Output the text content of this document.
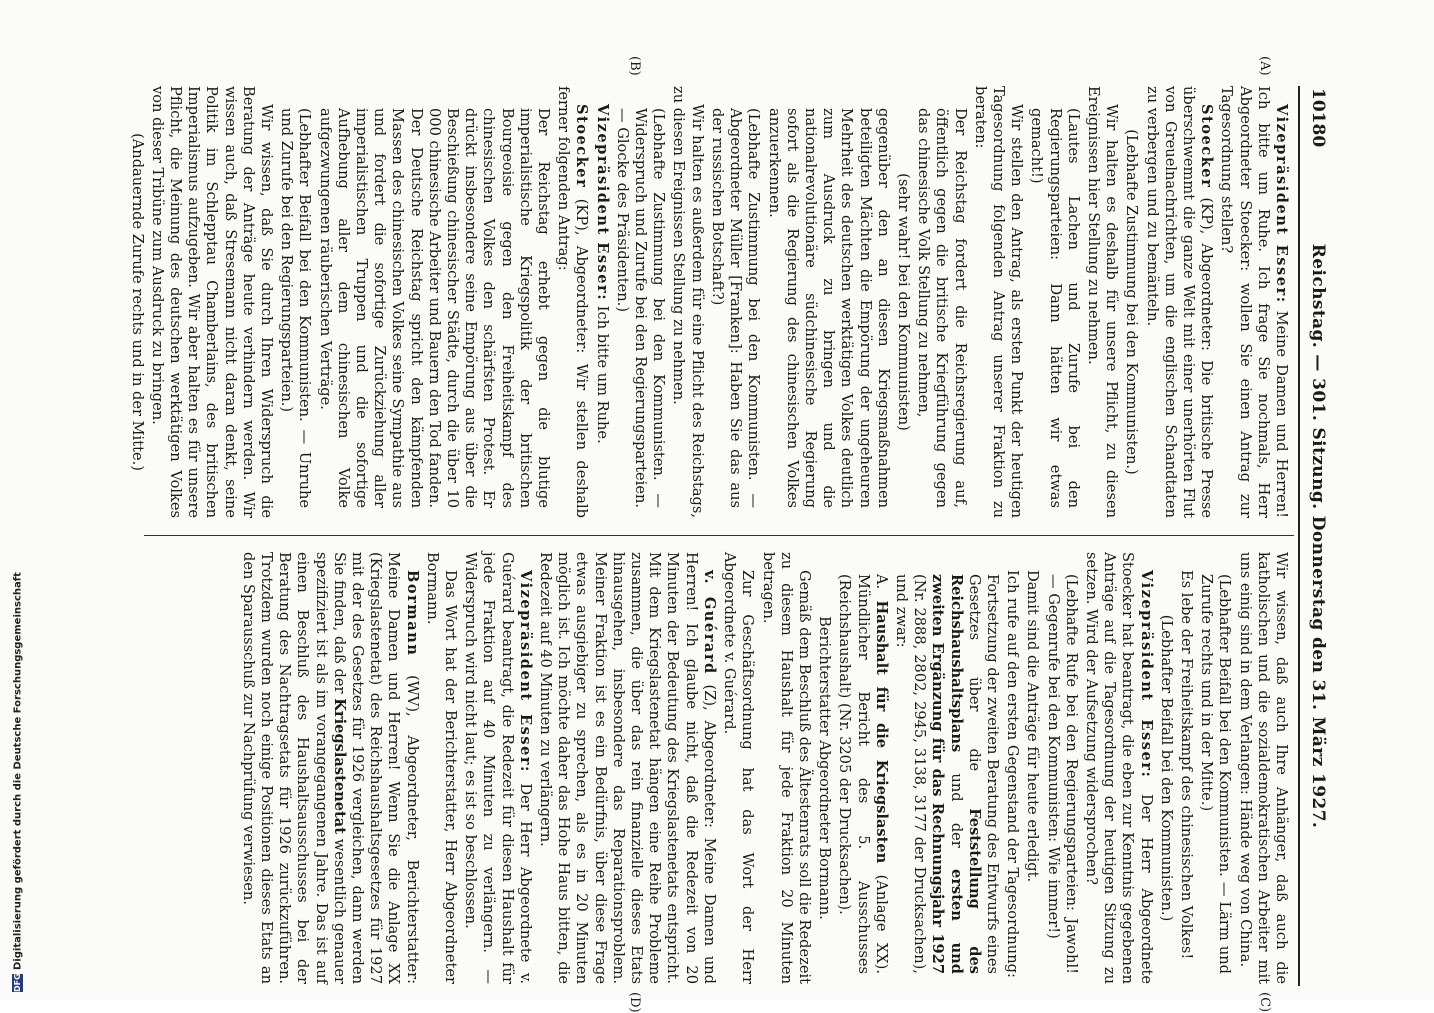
10180
Reichstag. — 301. Sitzung. Donnerstag den 31. März 1927.
(A)
(B)
(C)
(D)

Vizepräsident Esser: Meine Damen und Herren! Ich bitte um Ruhe. Ich frage Sie nochmals, Herr Abgeordneter Stoecker: wollen Sie einen Antrag zur Tagesordnung stellen?

Stoecker (KP), Abgeordneter: Die britische Presse überschwemmt die ganze Welt mit einer unerhörten Flut von Greuelnachrichten, um die englischen Schandtaten zu verbergen und zu bemänteln.

(Lebhafte Zustimmung bei den Kommunisten.)

Wir halten es deshalb für unsere Pflicht, zu diesen Ereignissen hier Stellung zu nehmen.

(Lautes Lachen und Zurufe bei den Regierungsparteien: Dann hätten wir etwas gemacht!)

Wir stellen den Antrag, als ersten Punkt der heutigen Tagesordnung folgenden Antrag unserer Fraktion zu beraten:

Der Reichstag fordert die Reichsregierung auf, öffentlich gegen die britische Kriegführung gegen das chinesische Volk Stellung zu nehmen,

(sehr wahr! bei den Kommunisten)

gegenüber den an diesen Kriegsmaßnahmen beteiligten Mächten die Empörung der ungeheuren Mehrheit des deutschen werktätigen Volkes deutlich zum Ausdruck zu bringen und die nationalrevolutionäre südchinesische Regierung sofort als die Regierung des chinesischen Volkes anzuerkennen.

(Lebhafte Zustimmung bei den Kommunisten. — Abgeordneter Müller [Franken]: Haben Sie das aus der russischen Botschaft?)

Wir halten es außerdem für eine Pflicht des Reichstags, zu diesen Ereignissen Stellung zu nehmen.

(Lebhafte Zustimmung bei den Kommunisten. — Widerspruch und Zurufe bei den Regierungsparteien. — Glocke des Präsidenten.)

Vizepräsident Esser: Ich bitte um Ruhe.

Stoecker (KP), Abgeordneter: Wir stellen deshalb ferner folgenden Antrag:

Der Reichstag erhebt gegen die blutige imperialistische Kriegspolitik der britischen Bourgeoisie gegen den Freiheitskampf des chinesischen Volkes den schärfsten Protest. Er drückt insbesondere seine Empörung aus über die Beschießung chinesischer Städte, durch die über 10 000 chinesische Arbeiter und Bauern den Tod fanden. Der Deutsche Reichstag spricht den kämpfenden Massen des chinesischen Volkes seine Sympathie aus und fordert die sofortige Zurückziehung aller imperialistischen Truppen und die sofortige Aufhebung aller dem chinesischen Volke aufgezwungenen räuberischen Verträge.

(Lebhafter Beifall bei den Kommunisten. — Unruhe und Zurufe bei den Regierungsparteien.)

Wir wissen, daß Sie durch Ihren Widerspruch die Beratung der Anträge heute verhindern werden. Wir wissen auch, daß Stresemann nicht daran denkt, seine Politik im Schlepptau Chamberlains, des britischen Imperialismus aufzugeben. Wir aber halten es für unsere Pflicht, die Meinung des deutschen werktätigen Volkes von dieser Tribüne zum Ausdruck zu bringen.

(Andauernde Zurufe rechts und in der Mitte.)

Wir wissen, daß auch Ihre Anhänger, daß auch die katholischen und die sozialdemokratischen Arbeiter mit uns einig sind in dem Verlangen: Hände weg von China.

(Lebhafter Beifall bei den Kommunisten. — Lärm und Zurufe rechts und in der Mitte.)

Es lebe der Freiheitskampf des chinesischen Volkes!

(Lebhafter Beifall bei den Kommunisten.)

Vizepräsident Esser: Der Herr Abgeordnete Stoecker hat beantragt, die eben zur Kenntnis gegebenen Anträge auf die Tagesordnung der heutigen Sitzung zu setzen. Wird der Aufsetzung widersprochen?

(Lebhafte Rufe bei den Regierungsparteien: Jawohl! — Gegenrufe bei den Kommunisten: Wie immer!)

Damit sind die Anträge für heute erledigt.

Ich rufe auf den ersten Gegenstand der Tagesordnung:

Fortsetzung der zweiten Beratung des Entwurfs eines Gesetzes über die Feststellung des Reichshaushaltsplans und der ersten und zweiten Ergänzung für das Rechnungsjahr 1927 (Nr. 2888, 2802, 2945, 3138, 3177 der Drucksachen), und zwar:

A. Haushalt für die Kriegslasten (Anlage XX). Mündlicher Bericht des 5. Ausschusses (Reichshaushalt) (Nr. 3205 der Drucksachen).

Berichterstatter Abgeordneter Bormann.

Gemäß dem Beschluß des Ältestenrats soll die Redezeit zu diesem Haushalt für jede Fraktion 20 Minuten betragen.

Zur Geschäftsordnung hat das Wort der Herr Abgeordnete v. Guérard.

v. Guérard (Z), Abgeordneter: Meine Damen und Herren! Ich glaube nicht, daß die Redezeit von 20 Minuten der Bedeutung des Kriegslastenetats entspricht. Mit dem Kriegslastenetat hängen eine Reihe Probleme zusammen, die über das rein finanzielle dieses Etats hinausgehen, insbesondere das Reparationsproblem. Meiner Fraktion ist es ein Bedürfnis, über diese Frage etwas ausgiebiger zu sprechen, als es in 20 Minuten möglich ist. Ich möchte daher das Hohe Haus bitten, die Redezeit auf 40 Minuten zu verlängern.

Vizepräsident Esser: Der Herr Abgeordnete v. Guérard beantragt, die Redezeit für diesen Haushalt für jede Fraktion auf 40 Minuten zu verlängern. — Widerspruch wird nicht laut; es ist so beschlossen.

Das Wort hat der Berichterstatter, Herr Abgeordneter Bormann.

Bormann (WV), Abgeordneter, Berichterstatter: Meine Damen und Herren! Wenn Sie die Anlage XX (Kriegslastenetat) des Reichshaushaltsgesetzes für 1927 mit der des Gesetzes für 1926 vergleichen, dann werden Sie finden, daß der Kriegslastenetat wesentlich genauer spezifiziert ist als im vorangegangenen Jahre. Das ist auf einen Beschluß des Haushaltsausschusses bei der Beratung des Nachtragsetats für 1926 zurückzuführen. Trotzdem wurden noch einige Positionen dieses Etats an den Sparausschuß zur Nachprüfung verwiesen.

DFGDigitalisierung gefördert durch die Deutsche Forschungsgemeinschaft
